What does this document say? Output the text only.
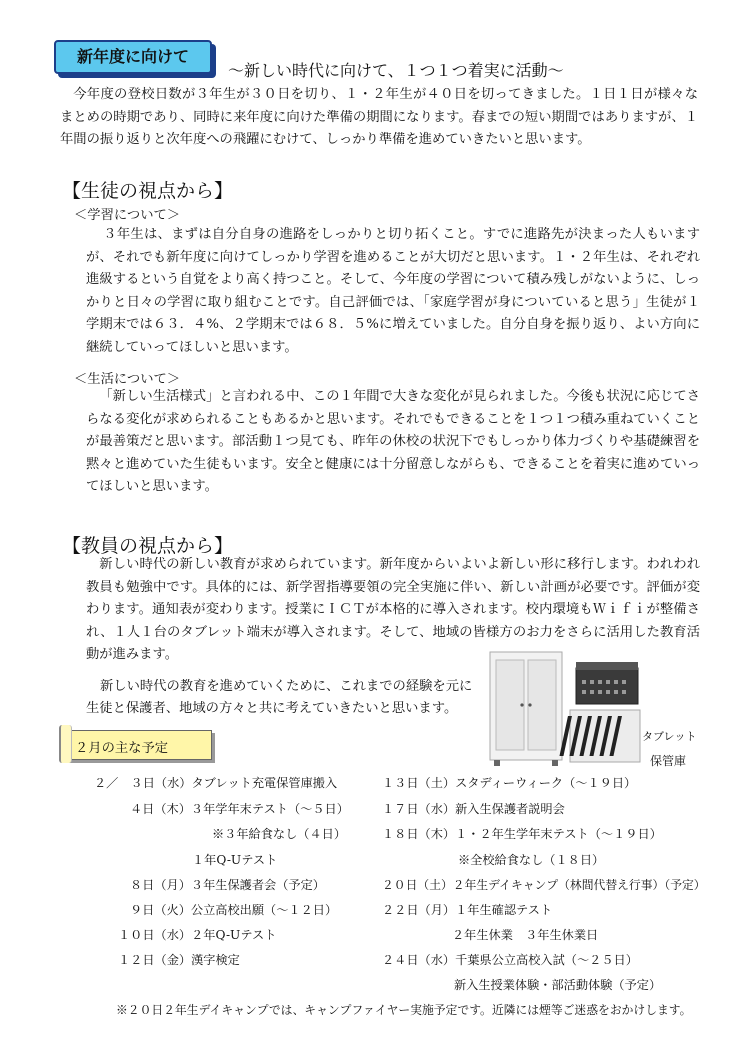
新年度に向けて
～新しい時代に向けて、１つ１つ着実に活動～
今年度の登校日数が３年生が３０日を切り、１・２年生が４０日を切ってきました。１日１日が様々なまとめの時期であり、同時に来年度に向けた準備の期間になります。春までの短い期間ではありますが、１年間の振り返りと次年度への飛躍にむけて、しっかり準備を進めていきたいと思います。
【生徒の視点から】
＜学習について＞
３年生は、まずは自分自身の進路をしっかりと切り拓くこと。すでに進路先が決まった人もいますが、それでも新年度に向けてしっかり学習を進めることが大切だと思います。１・２年生は、それぞれ進級するという自覚をより高く持つこと。そして、今年度の学習について積み残しがないように、しっかりと日々の学習に取り組むことです。自己評価では、「家庭学習が身についていると思う」生徒が１学期末では６３．４%、２学期末では６８．５%に増えていました。自分自身を振り返り、よい方向に継続していってほしいと思います。
＜生活について＞
「新しい生活様式」と言われる中、この１年間で大きな変化が見られました。今後も状況に応じてさらなる変化が求められることもあるかと思います。それでもできることを１つ１つ積み重ねていくことが最善策だと思います。部活動１つ見ても、昨年の休校の状況下でもしっかり体力づくりや基礎練習を黙々と進めていた生徒もいます。安全と健康には十分留意しながらも、できることを着実に進めていってほしいと思います。
【教員の視点から】
新しい時代の新しい教育が求められています。新年度からいよいよ新しい形に移行します。われわれ教員も勉強中です。具体的には、新学習指導要領の完全実施に伴い、新しい計画が必要です。評価が変わります。通知表が変わります。授業にＩＣＴが本格的に導入されます。校内環境もＷｉｆｉが整備され、１人１台のタブレット端末が導入されます。そして、地域の皆様方のお力をさらに活用した教育活動が進みます。
新しい時代の教育を進めていくために、これまでの経験を元に
生徒と保護者、地域の方々と共に考えていきたいと思います。
タブレット
保管庫
２月の主な予定
２／　３日（水）タブレット充電保管庫搬入
４日（木）３年学年末テスト（～５日）
※３年給食なし（４日）
１年Q-Uテスト
８日（月）３年生保護者会（予定）
９日（火）公立高校出願（～１２日）
１０日（水）２年Q-Uテスト
１２日（金）漢字検定
１３日（土）スタディーウィーク（～１９日）
１７日（水）新入生保護者説明会
１８日（木）１・２年生学年末テスト（～１９日）
※全校給食なし（１８日）
２０日（土）２年生デイキャンプ（林間代替え行事）（予定）
２２日（月）１年生確認テスト
２年生休業　３年生休業日
２４日（水）千葉県公立高校入試（～２５日）
新入生授業体験・部活動体験（予定）
※２０日２年生デイキャンプでは、キャンプファイヤー実施予定です。近隣には煙等ご迷惑をおかけします。
